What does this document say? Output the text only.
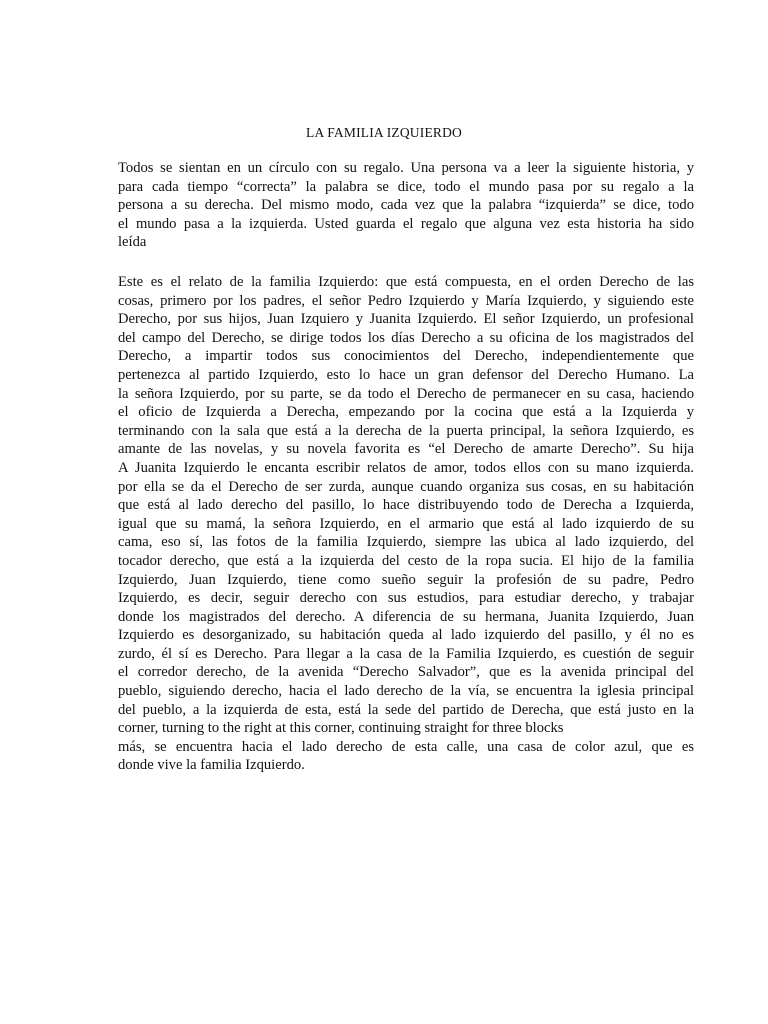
LA FAMILIA IZQUIERDO
Todos se sientan en un círculo con su regalo. Una persona va a leer la siguiente historia, y
para cada tiempo “correcta” la palabra se dice, todo el mundo pasa por su regalo a la
persona a su derecha. Del mismo modo, cada vez que la palabra “izquierda” se dice, todo
el mundo pasa a la izquierda. Usted guarda el regalo que alguna vez esta historia ha sido
leída
Este es el relato de la familia Izquierdo: que está compuesta, en el orden Derecho de las
cosas, primero por los padres, el señor Pedro Izquierdo y María Izquierdo, y siguiendo este
Derecho, por sus hijos, Juan Izquiero y Juanita Izquierdo. El señor Izquierdo, un profesional
del campo del Derecho, se dirige todos los días Derecho a su oficina de los magistrados del
Derecho, a impartir todos sus conocimientos del Derecho, independientemente que
pertenezca al partido Izquierdo, esto lo hace un gran defensor del Derecho Humano. La
la señora Izquierdo, por su parte, se da todo el Derecho de permanecer en su casa, haciendo
el oficio de Izquierda a Derecha, empezando por la cocina que está a la Izquierda y
terminando con la sala que está a la derecha de la puerta principal, la señora Izquierdo, es
amante de las novelas, y su novela favorita es “el Derecho de amarte Derecho”. Su hija
A Juanita Izquierdo le encanta escribir relatos de amor, todos ellos con su mano izquierda.
por ella se da el Derecho de ser zurda, aunque cuando organiza sus cosas, en su habitación
que está al lado derecho del pasillo, lo hace distribuyendo todo de Derecha a Izquierda,
igual que su mamá, la señora Izquierdo, en el armario que está al lado izquierdo de su
cama, eso sí, las fotos de la familia Izquierdo, siempre las ubica al lado izquierdo, del
tocador derecho, que está a la izquierda del cesto de la ropa sucia. El hijo de la familia
Izquierdo, Juan Izquierdo, tiene como sueño seguir la profesión de su padre, Pedro
Izquierdo, es decir, seguir derecho con sus estudios, para estudiar derecho, y trabajar
donde los magistrados del derecho. A diferencia de su hermana, Juanita Izquierdo, Juan
Izquierdo es desorganizado, su habitación queda al lado izquierdo del pasillo, y él no es
zurdo, él sí es Derecho. Para llegar a la casa de la Familia Izquierdo, es cuestión de seguir
el corredor derecho, de la avenida “Derecho Salvador”, que es la avenida principal del
pueblo, siguiendo derecho, hacia el lado derecho de la vía, se encuentra la iglesia principal
del pueblo, a la izquierda de esta, está la sede del partido de Derecha, que está justo en la
corner, turning to the right at this corner, continuing straight for three blocks
más, se encuentra hacia el lado derecho de esta calle, una casa de color azul, que es
donde vive la familia Izquierdo.
